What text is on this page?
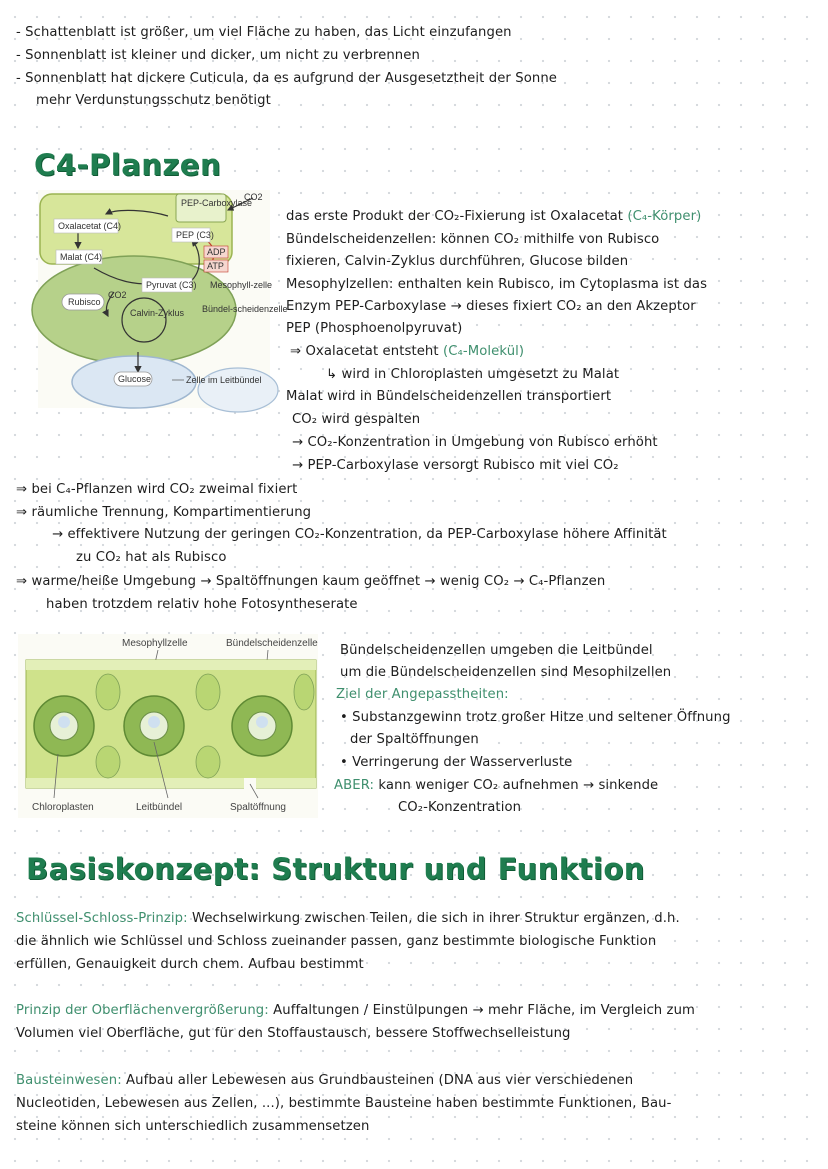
- Schattenblatt ist größer, um viel Fläche zu haben, das Licht einzufangen
- Sonnenblatt ist kleiner und dicker, um nicht zu verbrennen
- Sonnenblatt hat dickere Cuticula, da es aufgrund der Ausgesetztheit der Sonne
mehr Verdunstungsschutz benötigt
C4-Planzen
PEP-Carboxylase
CO2
Oxalacetat (C4)
PEP (C3)
ADP
ATP
Malat (C4)
Pyruvat (C3)
CO2
Rubisco
Calvin-Zyklus
Mesophyll-zelle
Bündel-scheidenzelle
Glucose	Zelle im Leitbündel
das erste Produkt der CO₂-Fixierung ist Oxalacetat (C₄-Körper)
Bündelscheidenzellen: können CO₂ mithilfe von Rubisco
fixieren, Calvin-Zyklus durchführen, Glucose bilden
Mesophylzellen: enthalten kein Rubisco, im Cytoplasma ist das
Enzym PEP-Carboxylase → dieses fixiert CO₂ an den Akzeptor
PEP (Phosphoenolpyruvat)
⇒ Oxalacetat entsteht (C₄-Molekül)
↳ wird in Chloroplasten umgesetzt zu Malat
Malat wird in Bündelscheidenzellen transportiert
CO₂ wird gespalten
→ CO₂-Konzentration in Umgebung von Rubisco erhöht
→ PEP-Carboxylase versorgt Rubisco mit viel CO₂
⇒ bei C₄-Pflanzen wird CO₂ zweimal fixiert
⇒ räumliche Trennung, Kompartimentierung
→ effektivere Nutzung der geringen CO₂-Konzentration, da PEP-Carboxylase höhere Affinität
zu CO₂ hat als Rubisco
⇒ warme/heiße Umgebung → Spaltöffnungen kaum geöffnet → wenig CO₂ → C₄-Pflanzen
haben trotzdem relativ hohe Fotosyntheserate
Mesophyllzelle	Bündelscheidenzelle
Chloroplasten	Leitbündel	Spaltöffnung
Bündelscheidenzellen umgeben die Leitbündel
um die Bündelscheidenzellen sind Mesophilzellen
Ziel der Angepasstheiten:
• Substanzgewinn trotz großer Hitze und seltener Öffnung
der Spaltöffnungen
• Verringerung der Wasserverluste
ABER: kann weniger CO₂ aufnehmen → sinkende
CO₂-Konzentration
Basiskonzept: Struktur und Funktion
Schlüssel-Schloss-Prinzip: Wechselwirkung zwischen Teilen, die sich in ihrer Struktur ergänzen, d.h.
die ähnlich wie Schlüssel und Schloss zueinander passen, ganz bestimmte biologische Funktion
erfüllen, Genauigkeit durch chem. Aufbau bestimmt
Prinzip der Oberflächenvergrößerung: Auffaltungen / Einstülpungen → mehr Fläche, im Vergleich zum
Volumen viel Oberfläche, gut für den Stoffaustausch, bessere Stoffwechselleistung
Bausteinwesen: Aufbau aller Lebewesen aus Grundbausteinen (DNA aus vier verschiedenen
Nucleotiden, Lebewesen aus Zellen, ...), bestimmte Bausteine haben bestimmte Funktionen, Bau-
steine können sich unterschiedlich zusammensetzen
